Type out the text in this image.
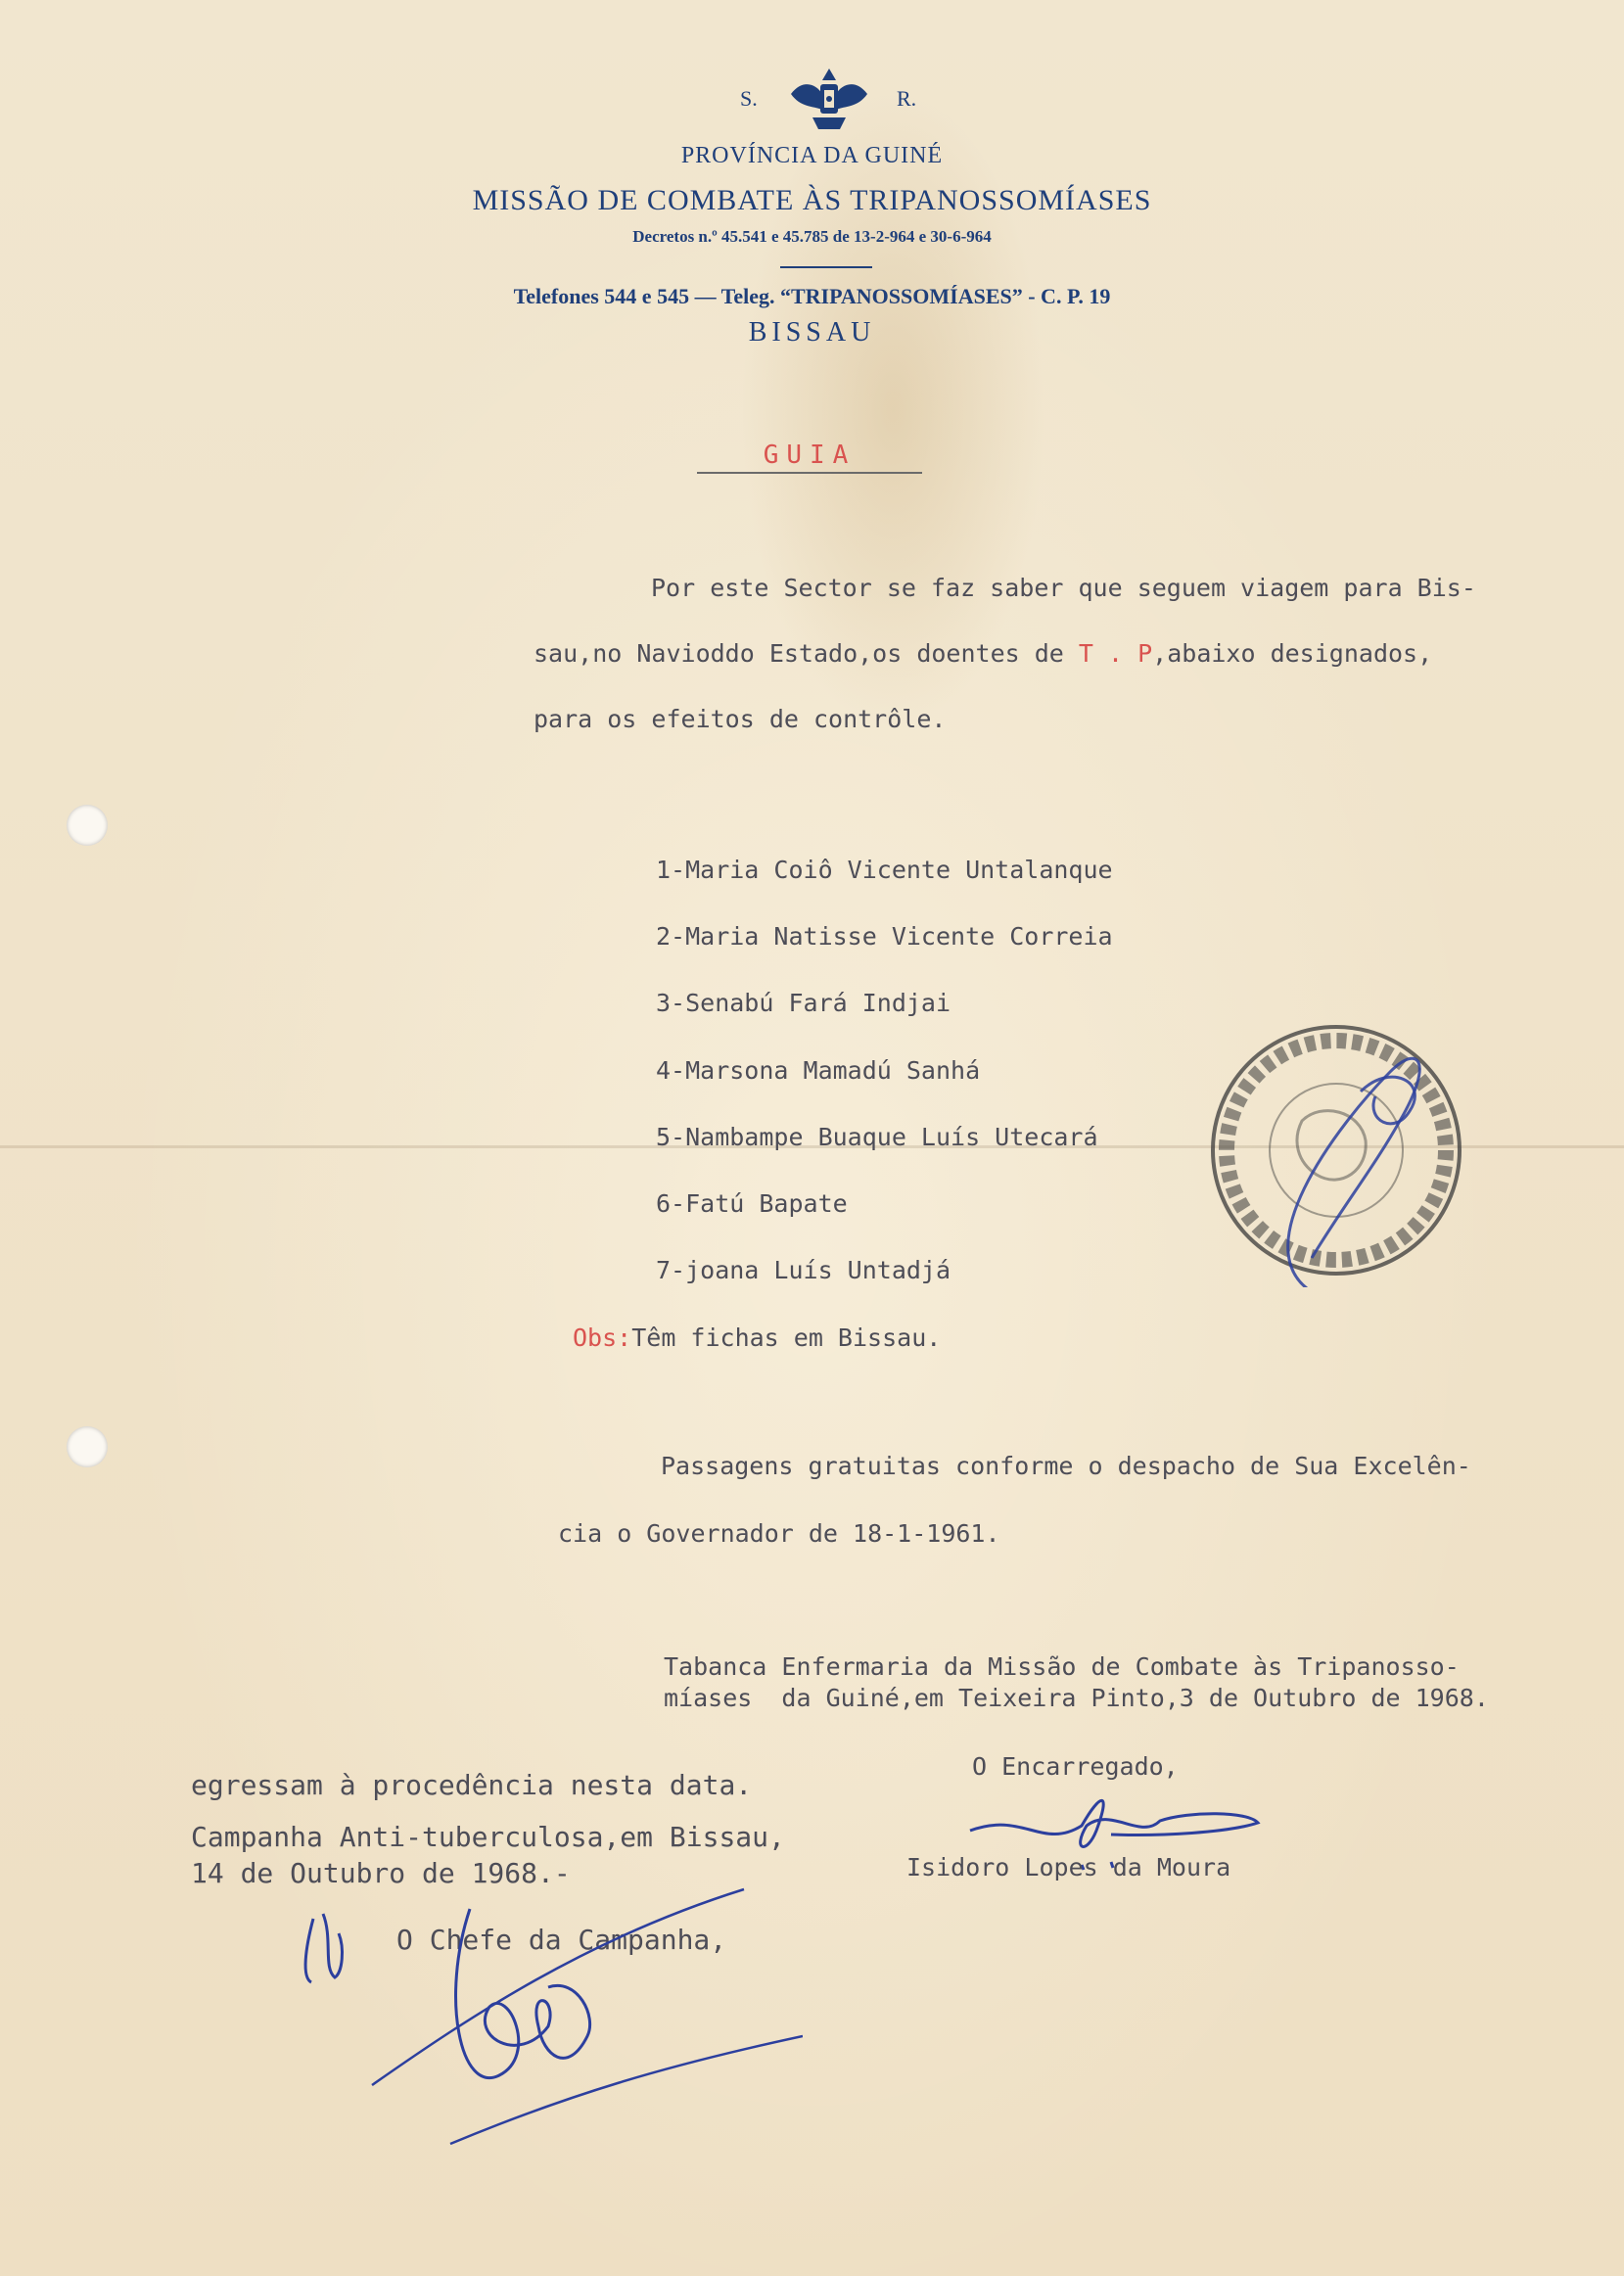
S.	R.
PROVÍNCIA DA GUINÉ
MISSÃO DE COMBATE ÀS TRIPANOSSOMÍASES
Decretos n.º 45.541 e 45.785 de 13-2-964 e 30-6-964
Telefones 544 e 545 — Teleg. “TRIPANOSSOMÍASES” - C. P. 19
BISSAU
GUIA
Por este Sector se faz saber que seguem viagem para Bis-
sau,no Navioddo Estado,os doentes de T . P,abaixo designados,
para os efeitos de contrôle.
1-Maria Coiô Vicente Untalanque
2-Maria Natisse Vicente Correia
3-Senabú Fará Indjai
4-Marsona Mamadú Sanhá
5-Nambampe Buaque Luís Utecará
6-Fatú Bapate
7-joana Luís Untadjá
Obs:Têm fichas em Bissau.
Passagens gratuitas conforme o despacho de Sua Excelên-
cia o Governador de 18-1-1961.
Tabanca Enfermaria da Missão de Combate às Tripanosso-
míases  da Guiné,em Teixeira Pinto,3 de Outubro de 1968.
O Encarregado,
Isidoro Lopes da Moura
egressam à procedência nesta data.
Campanha Anti-tuberculosa,em Bissau,
14 de Outubro de 1968.-
O Chefe da Campanha,
